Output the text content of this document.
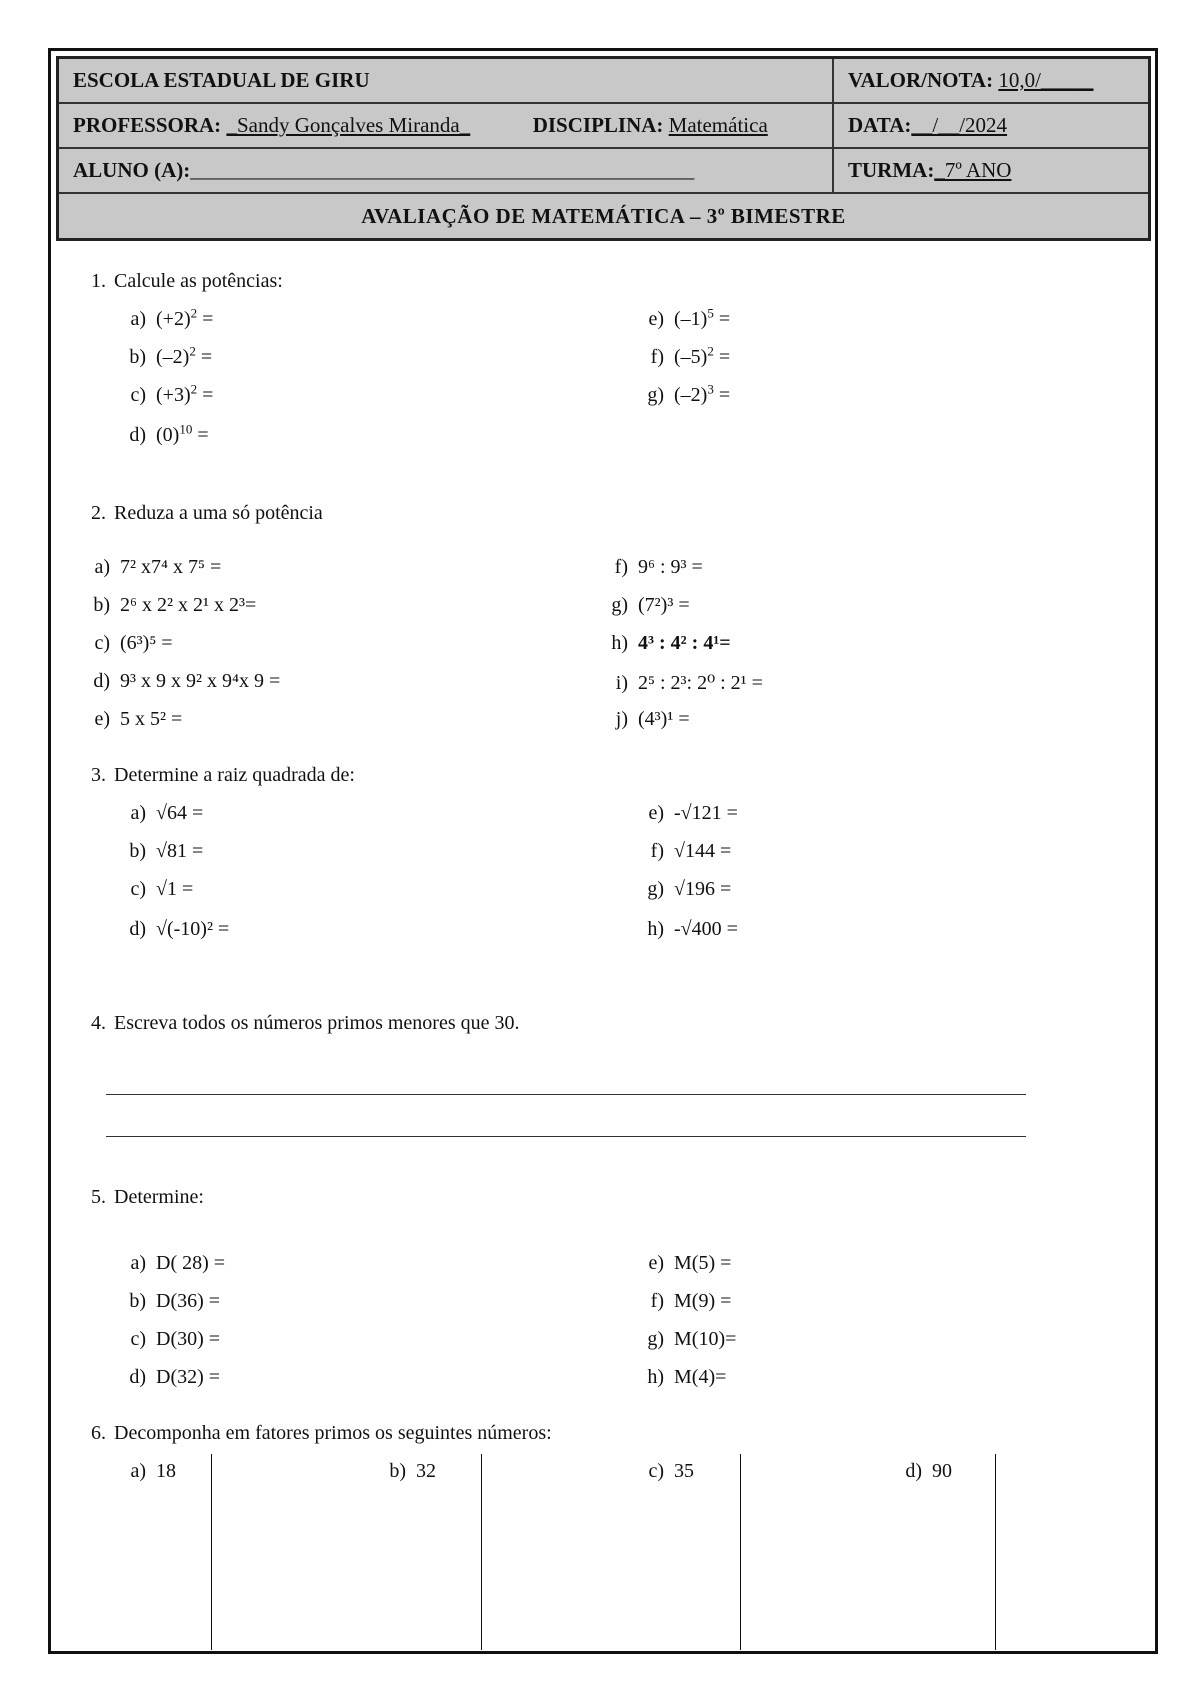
ESCOLA ESTADUAL DE GIRU	VALOR/NOTA: 10,0/_____
PROFESSORA: _Sandy Gonçalves Miranda_ DISCIPLINA: Matemática	DATA:__/__/2024
ALUNO (A):________________________________________________	TURMA:_7º ANO
AVALIAÇÃO DE MATEMÁTICA – 3º BIMESTRE	
1. Calcule as potências:
a) $(+2)^2$ =
b) $(-2)^2$ =
c) $(+3)^2$ =
d) $(0)^{10}$ =
e) $(-1)^5$ =
f) $(-5)^2$ =
g) $(-2)^3$ =
2. Reduza a uma só potência
a) 7² x7⁴ x 7⁵ =
b) 2⁶ x 2² x 2¹ x 2³=
c) (6³)⁵ =
d) 9³ x 9 x 9² x 9⁴x 9 =
e) 5 x 5² =
f) 9⁶ : 9³ =
g) (7²)³ =
h) 4³ : 4² : 4¹=
i) 2⁵ : 2³: 2⁰ : 2¹ =
j) (4³)¹ =
3. Determine a raiz quadrada de:
a) √64 =
b) √81 =
c) √1 =
d) √(-10)² =
e) -√121 =
f) √144 =
g) √196 =
h) -√400 =
4. Escreva todos os números primos menores que 30.
5. Determine:
a) D( 28) =
b) D(36) =
c) D(30) =
d) D(32) =
e) M(5) =
f) M(9) =
g) M(10)=
h) M(4)=
6. Decomponha em fatores primos os seguintes números:
a) 18	b) 32	c) 35	d) 90
